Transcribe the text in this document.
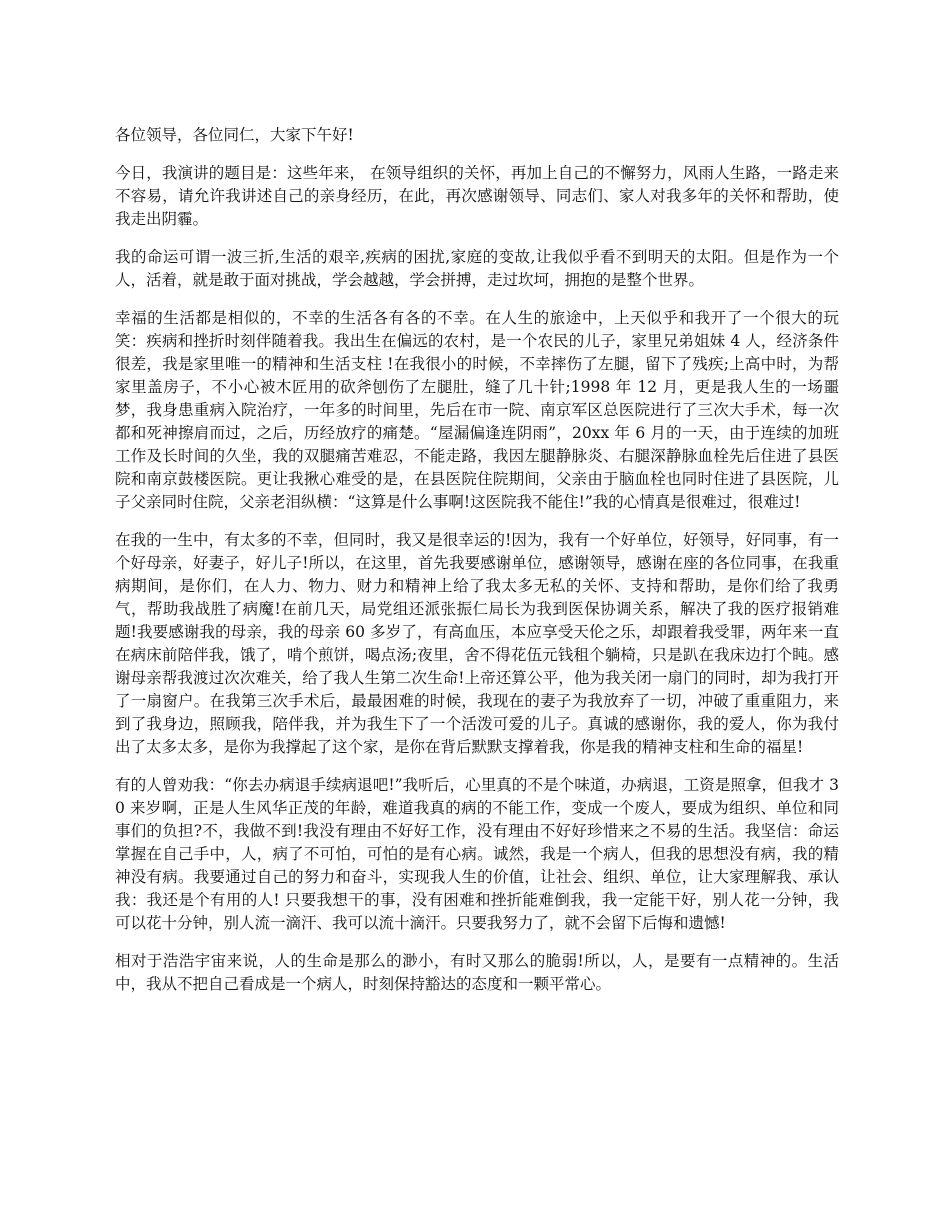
各位领导，各位同仁，大家下午好!

今日，我演讲的题目是：这些年来， 在领导组织的关怀，再加上自己的不懈努力，风雨人生路，一路走来不容易，请允许我讲述自己的亲身经历，在此，再次感谢领导、同志们、家人对我多年的关怀和帮助，使我走出阴霾。

我的命运可谓一波三折,生活的艰辛,疾病的困扰,家庭的变故,让我似乎看不到明天的太阳。但是作为一个人，活着，就是敢于面对挑战，学会越越，学会拼搏，走过坎坷，拥抱的是整个世界。

幸福的生活都是相似的，不幸的生活各有各的不幸。在人生的旅途中，上天似乎和我开了一个很大的玩笑：疾病和挫折时刻伴随着我。我出生在偏远的农村，是一个农民的儿子，家里兄弟姐妹 4 人，经济条件很差，我是家里唯一的精神和生活支柱 !在我很小的时候，不幸摔伤了左腿，留下了残疾;上高中时，为帮家里盖房子，不小心被木匠用的砍斧刨伤了左腿肚，缝了几十针;1998 年 12 月，更是我人生的一场噩梦，我身患重病入院治疗，一年多的时间里，先后在市一院、南京军区总医院进行了三次大手术，每一次都和死神擦肩而过，之后，历经放疗的痛楚。“屋漏偏逢连阴雨”，20xx 年 6 月的一天，由于连续的加班工作及长时间的久坐，我的双腿痛苦难忍，不能走路，我因左腿静脉炎、右腿深静脉血栓先后住进了县医院和南京鼓楼医院。更让我揪心难受的是，在县医院住院期间，父亲由于脑血栓也同时住进了县医院，儿子父亲同时住院，父亲老泪纵横：“这算是什么事啊!这医院我不能住!”我的心情真是很难过，很难过!

在我的一生中，有太多的不幸，但同时，我又是很幸运的!因为，我有一个好单位，好领导，好同事，有一个好母亲，好妻子，好儿子!所以，在这里，首先我要感谢单位，感谢领导，感谢在座的各位同事，在我重病期间，是你们，在人力、物力、财力和精神上给了我太多无私的关怀、支持和帮助，是你们给了我勇气，帮助我战胜了病魔!在前几天，局党组还派张振仁局长为我到医保协调关系，解决了我的医疗报销难题!我要感谢我的母亲，我的母亲 60 多岁了，有高血压，本应享受天伦之乐，却跟着我受罪，两年来一直在病床前陪伴我，饿了，啃个煎饼，喝点汤;夜里，舍不得花伍元钱租个躺椅，只是趴在我床边打个盹。感谢母亲帮我渡过次次难关，给了我人生第二次生命!上帝还算公平，他为我关闭一扇门的同时，却为我打开了一扇窗户。在我第三次手术后，最最困难的时候，我现在的妻子为我放弃了一切，冲破了重重阻力，来到了我身边，照顾我，陪伴我，并为我生下了一个活泼可爱的儿子。真诚的感谢你，我的爱人，你为我付出了太多太多，是你为我撑起了这个家，是你在背后默默支撑着我，你是我的精神支柱和生命的福星!

有的人曾劝我：“你去办病退手续病退吧!”我听后，心里真的不是个味道，办病退，工资是照拿，但我才 30 来岁啊，正是人生风华正茂的年龄，难道我真的病的不能工作，变成一个废人，要成为组织、单位和同事们的负担?不，我做不到!我没有理由不好好工作，没有理由不好好珍惜来之不易的生活。我坚信：命运掌握在自己手中，人，病了不可怕，可怕的是有心病。诚然，我是一个病人，但我的思想没有病，我的精神没有病。我要通过自己的努力和奋斗，实现我人生的价值，让社会、组织、单位，让大家理解我、承认我：我还是个有用的人! 只要我想干的事，没有困难和挫折能难倒我，我一定能干好，别人花一分钟，我可以花十分钟，别人流一滴汗、我可以流十滴汗。只要我努力了，就不会留下后悔和遗憾!

相对于浩浩宇宙来说，人的生命是那么的渺小，有时又那么的脆弱!所以，人，是要有一点精神的。生活中，我从不把自己看成是一个病人，时刻保持豁达的态度和一颗平常心。
